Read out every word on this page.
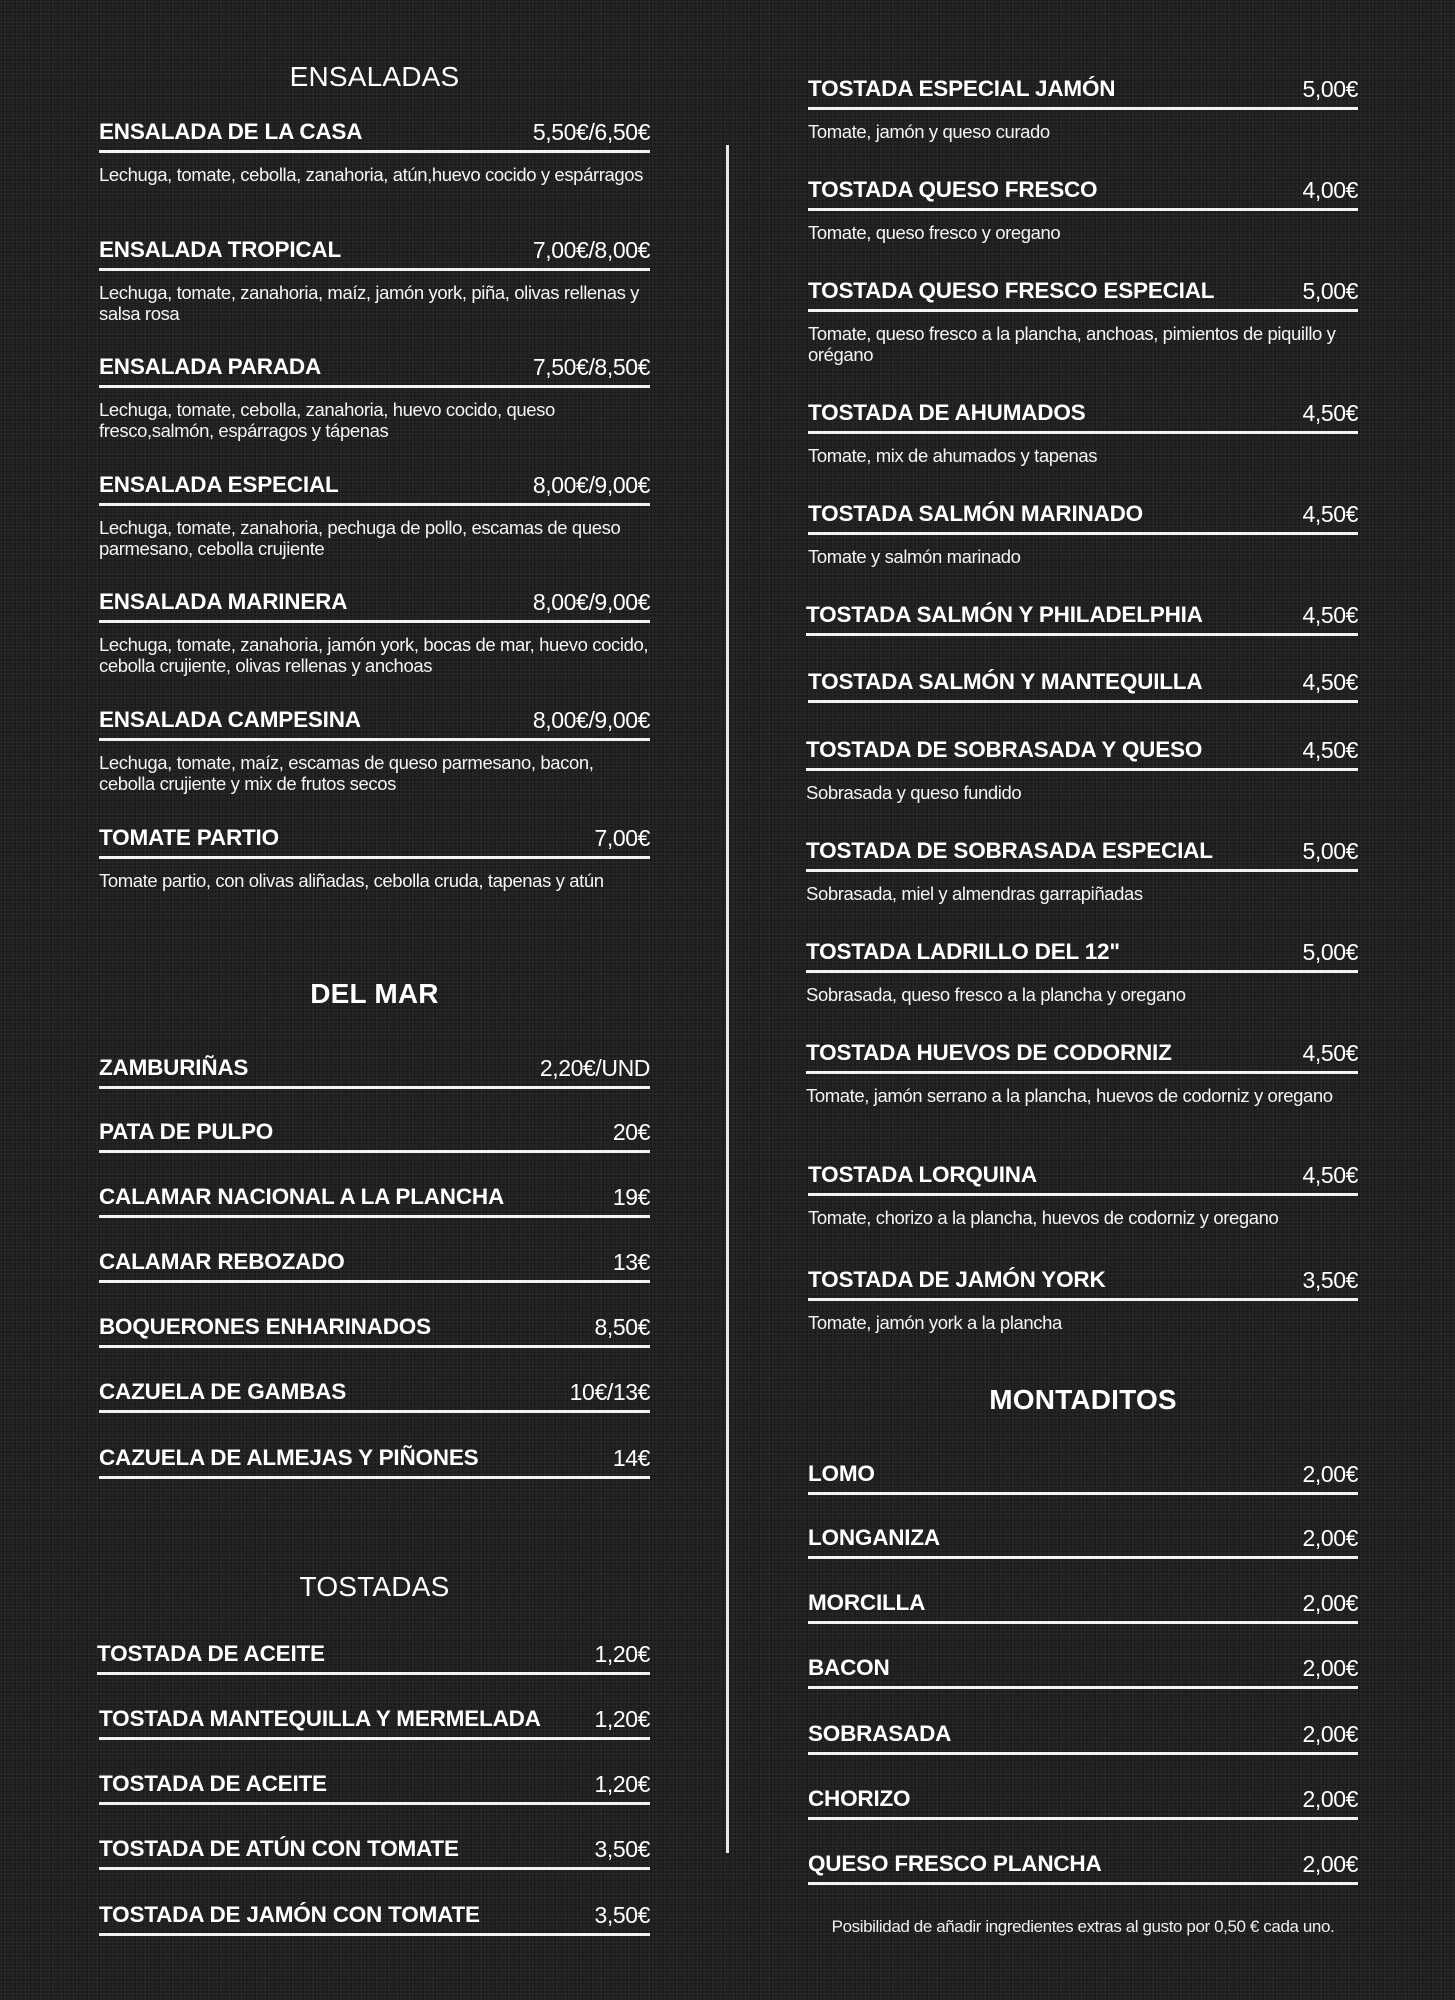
ENSALADAS
ENSALADA DE LA CASA	5,50€/6,50€
Lechuga, tomate, cebolla, zanahoria, atún,huevo cocido y espárragos
ENSALADA TROPICAL	7,00€/8,00€
Lechuga, tomate, zanahoria, maíz, jamón york, piña, olivas rellenas y salsa rosa
ENSALADA PARADA	7,50€/8,50€
Lechuga, tomate, cebolla, zanahoria, huevo cocido, queso fresco,salmón, espárragos y tápenas
ENSALADA ESPECIAL	8,00€/9,00€
Lechuga, tomate, zanahoria, pechuga de pollo, escamas de queso parmesano, cebolla crujiente
ENSALADA MARINERA	8,00€/9,00€
Lechuga, tomate, zanahoria, jamón york, bocas de mar, huevo cocido, cebolla crujiente, olivas rellenas y anchoas
ENSALADA CAMPESINA	8,00€/9,00€
Lechuga, tomate, maíz, escamas de queso parmesano, bacon, cebolla crujiente y mix de frutos secos
TOMATE PARTIO	7,00€
Tomate partio, con olivas aliñadas, cebolla cruda, tapenas y atún
DEL MAR
ZAMBURIÑAS	2,20€/UND
PATA DE PULPO	20€
CALAMAR NACIONAL A LA PLANCHA	19€
CALAMAR REBOZADO	13€
BOQUERONES ENHARINADOS	8,50€
CAZUELA DE GAMBAS	10€/13€
CAZUELA DE ALMEJAS Y PIÑONES	14€
TOSTADAS
TOSTADA DE ACEITE	1,20€
TOSTADA MANTEQUILLA Y MERMELADA 1,20€
TOSTADA DE ACEITE	1,20€
TOSTADA DE ATÚN CON TOMATE	3,50€
TOSTADA DE JAMÓN CON TOMATE	3,50€
TOSTADA ESPECIAL JAMÓN	5,00€
Tomate, jamón y queso curado
TOSTADA QUESO FRESCO	4,00€
Tomate, queso fresco y oregano
TOSTADA QUESO FRESCO ESPECIAL	5,00€
Tomate, queso fresco a la plancha, anchoas, pimientos de piquillo y orégano
TOSTADA DE AHUMADOS	4,50€
Tomate, mix de ahumados y tapenas
TOSTADA SALMÓN MARINADO	4,50€
Tomate y salmón marinado
TOSTADA SALMÓN Y PHILADELPHIA	4,50€
TOSTADA SALMÓN Y MANTEQUILLA	4,50€
TOSTADA DE SOBRASADA Y QUESO	4,50€
Sobrasada y queso fundido
TOSTADA DE SOBRASADA ESPECIAL	5,00€
Sobrasada, miel y almendras garrapiñadas
TOSTADA LADRILLO DEL 12"	5,00€
Sobrasada, queso fresco a la plancha y oregano
TOSTADA HUEVOS DE CODORNIZ	4,50€
Tomate, jamón serrano a la plancha, huevos de codorniz y oregano
TOSTADA LORQUINA	4,50€
Tomate, chorizo a la plancha, huevos de codorniz y oregano
TOSTADA DE JAMÓN YORK	3,50€
Tomate, jamón york a la plancha
MONTADITOS
LOMO	2,00€
LONGANIZA	2,00€
MORCILLA	2,00€
BACON	2,00€
SOBRASADA	2,00€
CHORIZO	2,00€
QUESO FRESCO PLANCHA	2,00€
Posibilidad de añadir ingredientes extras al gusto por 0,50 € cada uno.
